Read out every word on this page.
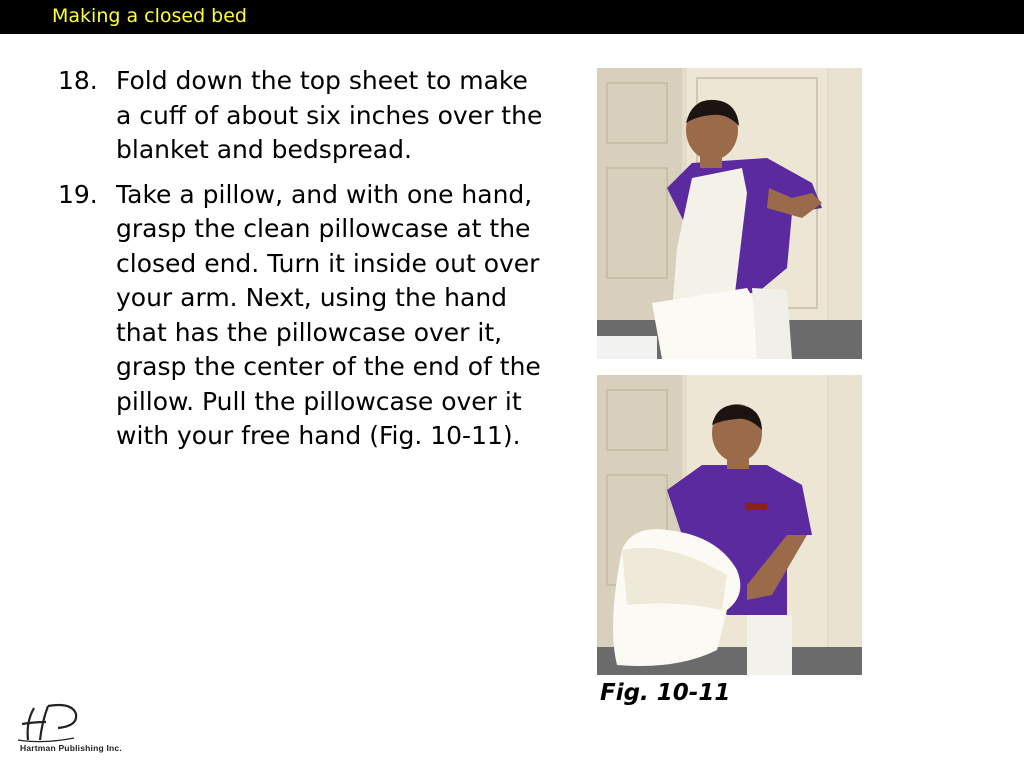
Making a closed bed
18. Fold down the top sheet to make a cuff of about six inches over the blanket and bedspread.
19. Take a pillow, and with one hand, grasp the clean pillowcase at the closed end. Turn it inside out over your arm. Next, using the hand that has the pillowcase over it, grasp the center of the end of the pillow. Pull the pillowcase over it with your free hand (Fig. 10-11).
Fig. 10-11
Hartman Publishing Inc.
